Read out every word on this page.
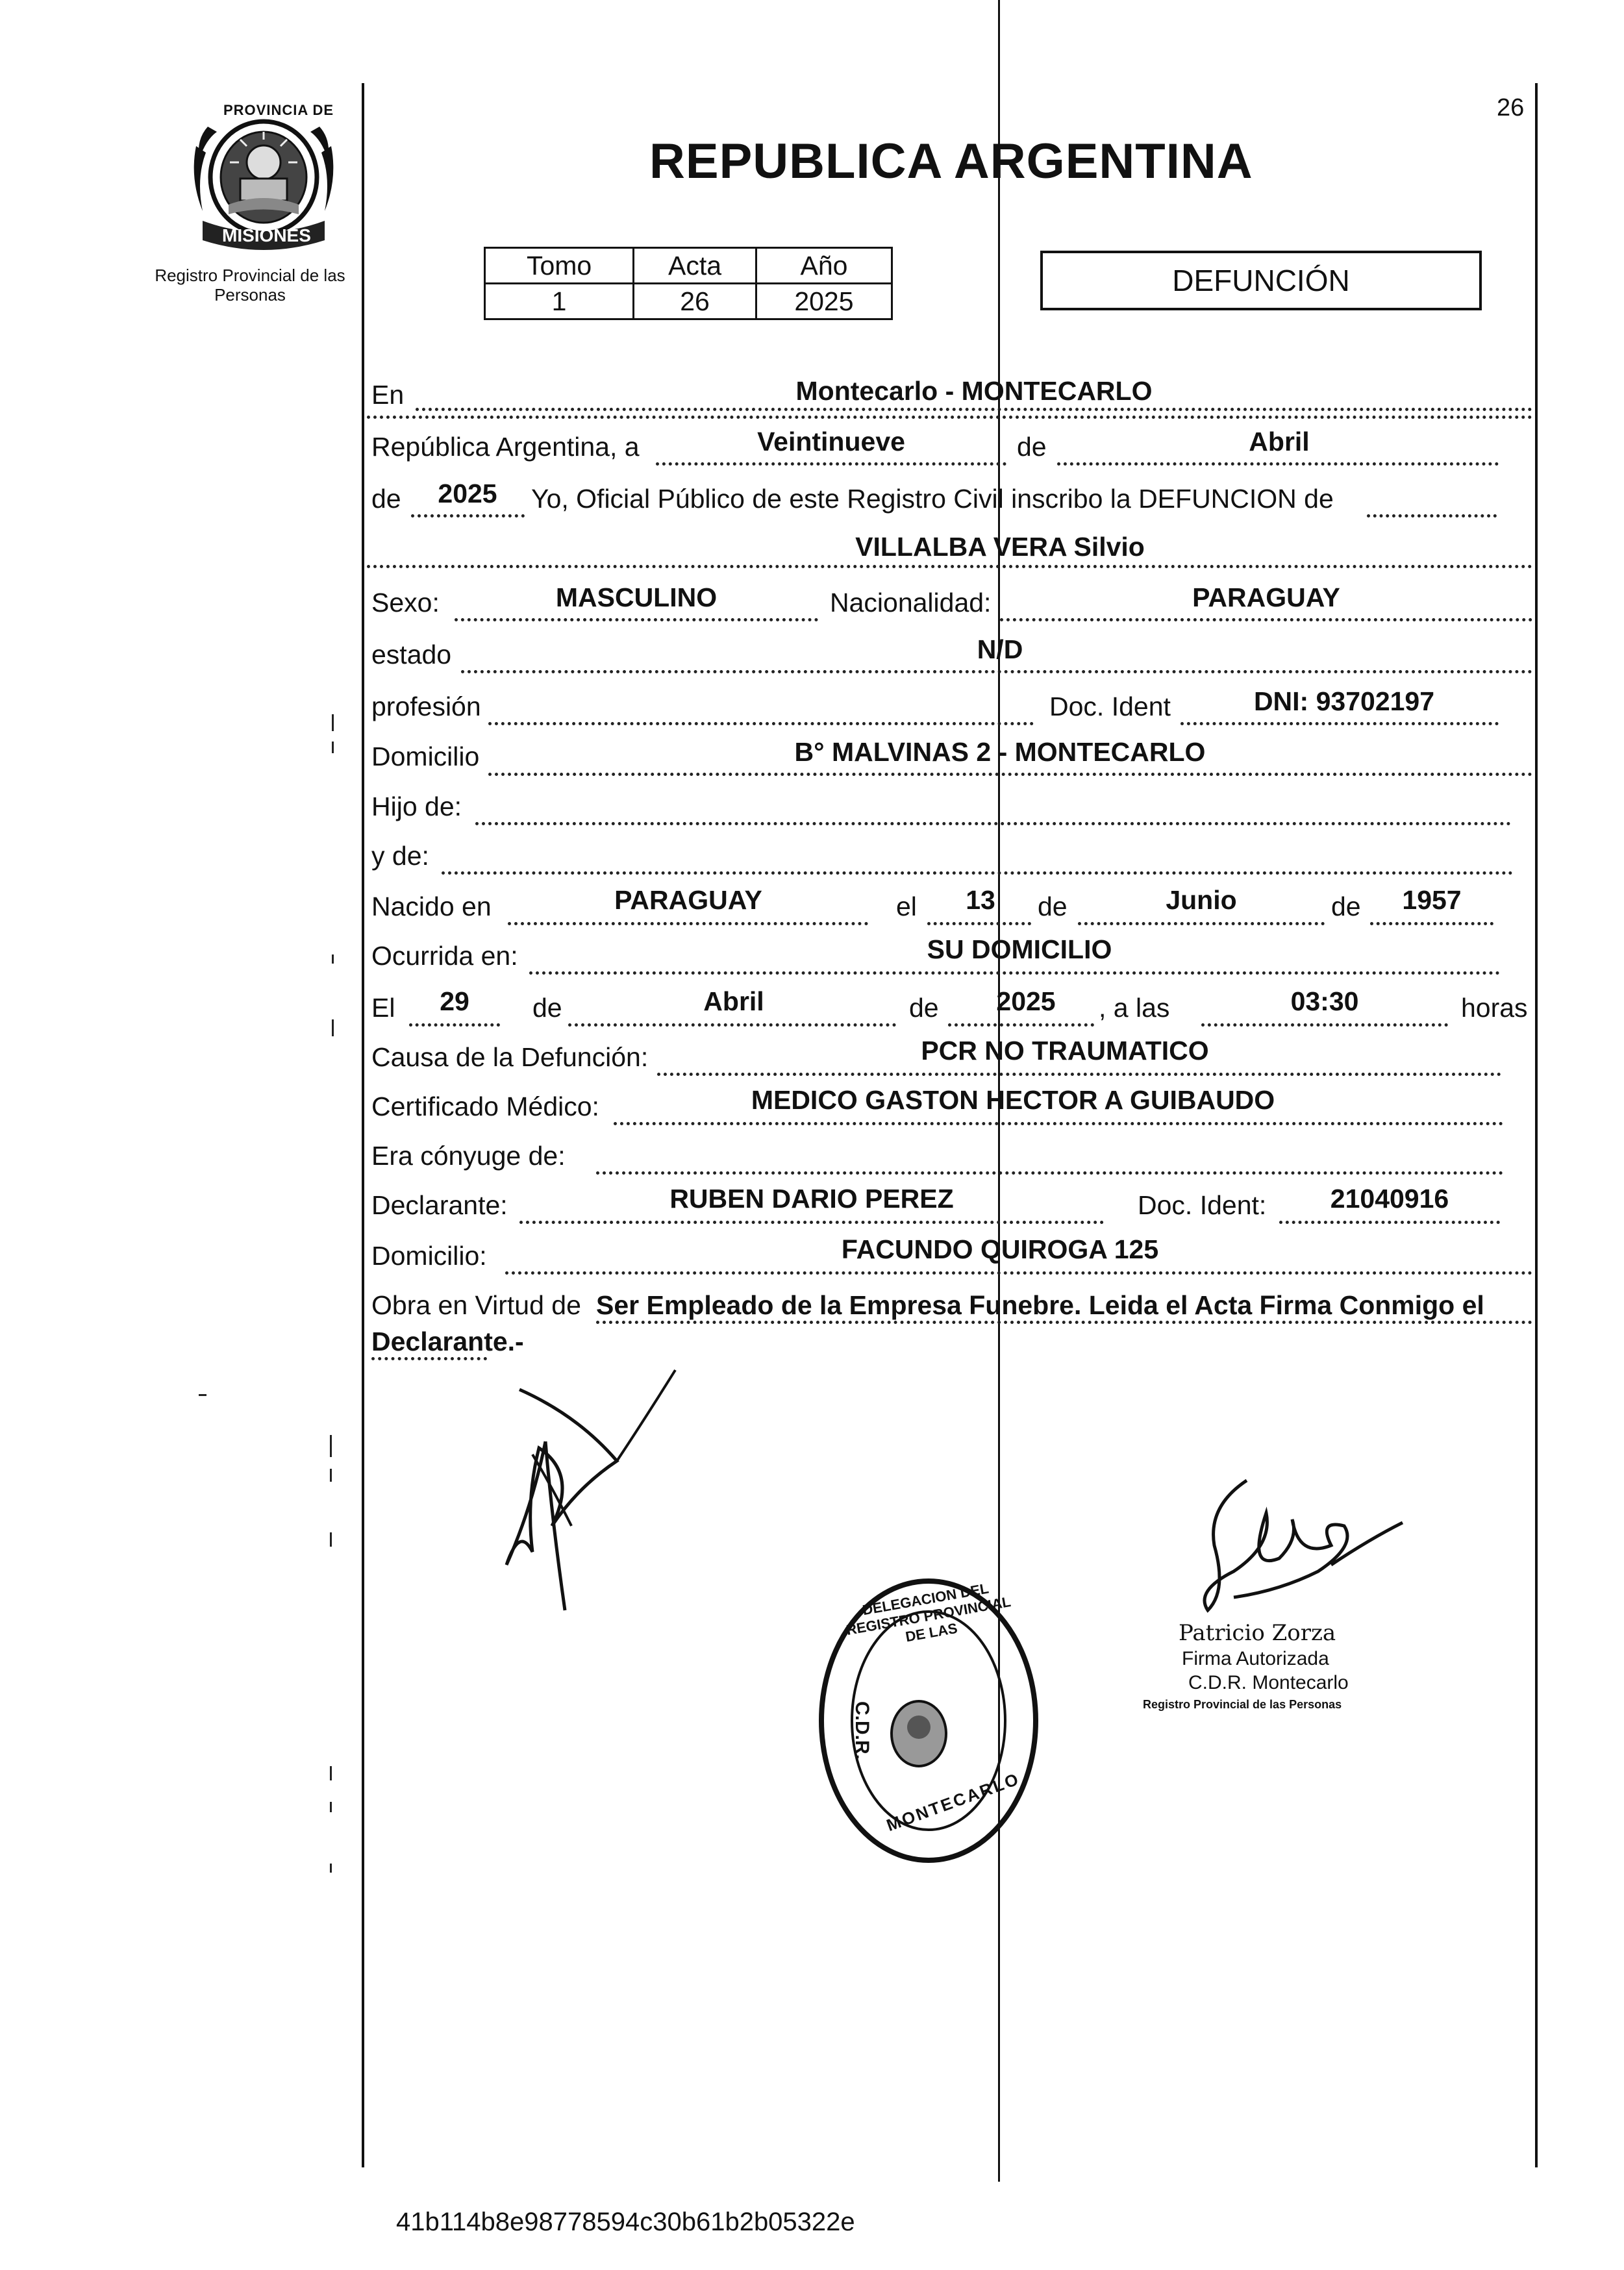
26
PROVINCIA DE
MISIONES
Registro Provincial de las Personas
REPUBLICA ARGENTINA
Tomo	Acta	Año
1	26	2025
DEFUNCIÓN
En	Montecarlo - MONTECARLO
República Argentina, a	Veintinueve	de	Abril
de	2025	Yo, Oficial Público de este Registro Civil inscribo la DEFUNCION de
VILLALBA VERA Silvio
Sexo:	MASCULINO	Nacionalidad:	PARAGUAY
estado	N/D
profesión	Doc. Ident	DNI: 93702197
Domicilio	B° MALVINAS 2 - MONTECARLO
Hijo de:
y de:
Nacido en	PARAGUAY	el	13	de	Junio	de	1957
Ocurrida en:	SU DOMICILIO
El	29	de	Abril	de	2025	, a las	03:30	horas
Causa de la Defunción:	PCR NO TRAUMATICO
Certificado Médico:	MEDICO GASTON HECTOR A GUIBAUDO
Era cónyuge de:
Declarante:	RUBEN DARIO PEREZ	Doc. Ident:	21040916
Domicilio:	FACUNDO QUIROGA 125
Obra en Virtud de Ser Empleado de la Empresa Funebre. Leida el Acta Firma Conmigo el
Declarante.-
DELEGACION DEL REGISTRO PROVINCIAL DE LAS
C.D.R.
MONTECARLO
Patricio Zorza
Firma Autorizada
C.D.R. Montecarlo
Registro Provincial de las Personas
41b114b8e98778594c30b61b2b05322e
